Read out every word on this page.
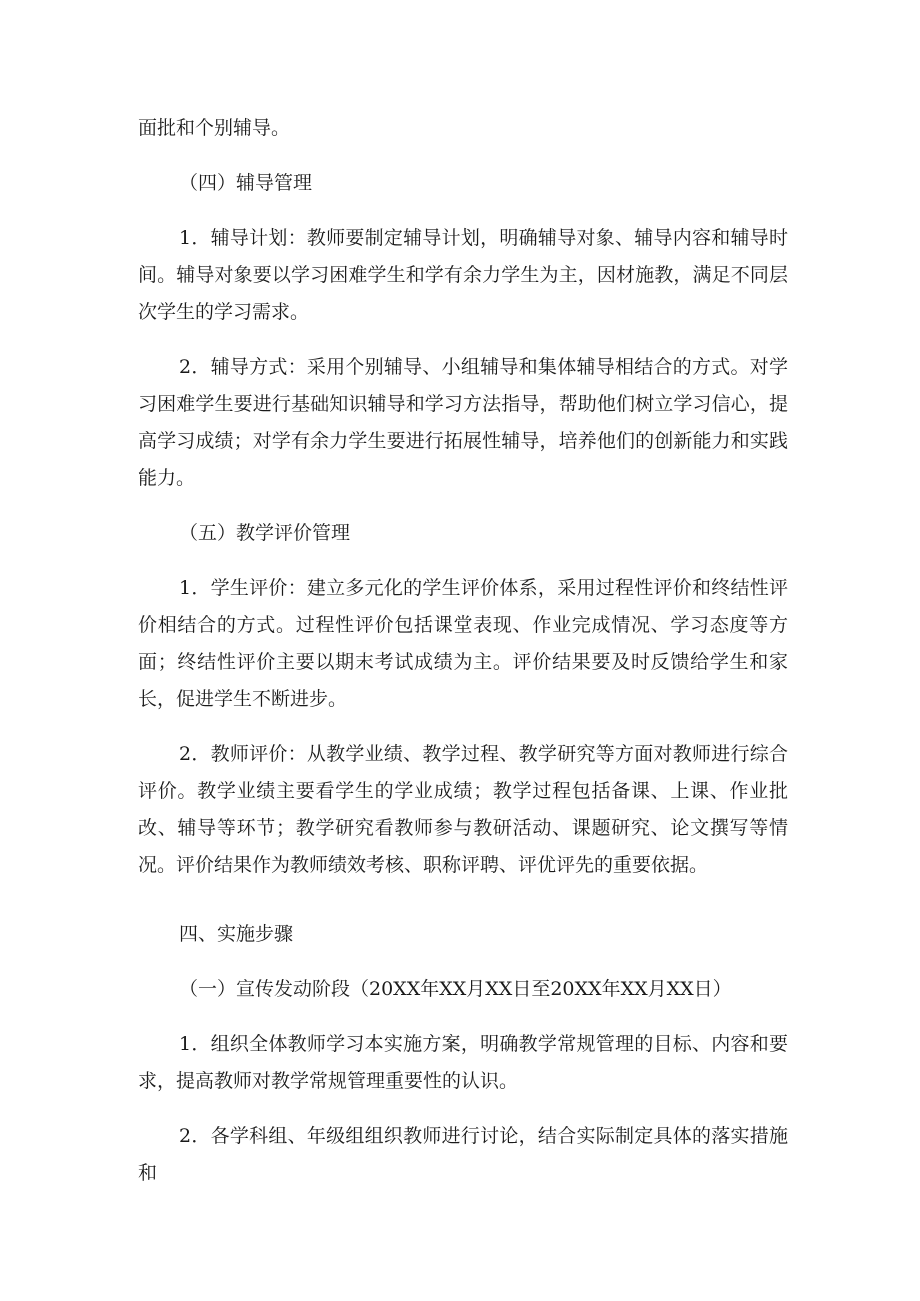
面批和个别辅导。

（四）辅导管理

1．辅导计划：教师要制定辅导计划，明确辅导对象、辅导内容和辅导时间。辅导对象要以学习困难学生和学有余力学生为主，因材施教，满足不同层次学生的学习需求。

2．辅导方式：采用个别辅导、小组辅导和集体辅导相结合的方式。对学习困难学生要进行基础知识辅导和学习方法指导，帮助他们树立学习信心，提高学习成绩；对学有余力学生要进行拓展性辅导，培养他们的创新能力和实践能力。

（五）教学评价管理

1．学生评价：建立多元化的学生评价体系，采用过程性评价和终结性评价相结合的方式。过程性评价包括课堂表现、作业完成情况、学习态度等方面；终结性评价主要以期末考试成绩为主。评价结果要及时反馈给学生和家长，促进学生不断进步。

2．教师评价：从教学业绩、教学过程、教学研究等方面对教师进行综合评价。教学业绩主要看学生的学业成绩；教学过程包括备课、上课、作业批改、辅导等环节；教学研究看教师参与教研活动、课题研究、论文撰写等情况。评价结果作为教师绩效考核、职称评聘、评优评先的重要依据。

四、实施步骤

（一）宣传发动阶段（20XX年XX月XX日至20XX年XX月XX日）

1．组织全体教师学习本实施方案，明确教学常规管理的目标、内容和要求，提高教师对教学常规管理重要性的认识。

2．各学科组、年级组组织教师进行讨论，结合实际制定具体的落实措施和
